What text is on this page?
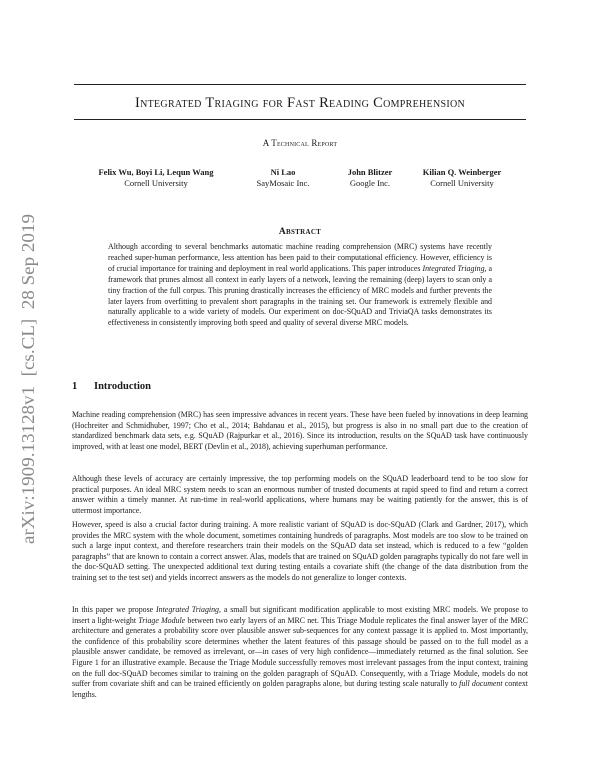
Integrated Triaging for Fast Reading Comprehension
A Technical Report
Felix Wu, Boyi Li, Lequn Wang
Cornell University
Ni Lao
SayMosaic Inc.
John Blitzer
Google Inc.
Kilian Q. Weinberger
Cornell University
arXiv:1909.13128v1  [cs.CL]  28 Sep 2019
Abstract

Although according to several benchmarks automatic machine reading comprehension (MRC) systems have recently reached super-human performance, less attention has been paid to their computational efficiency. However, efficiency is of crucial importance for training and deployment in real world applications. This paper introduces Integrated Triaging, a framework that prunes almost all context in early layers of a network, leaving the remaining (deep) layers to scan only a tiny fraction of the full corpus. This pruning drastically increases the efficiency of MRC models and further prevents the later layers from overfitting to prevalent short paragraphs in the training set. Our framework is extremely flexible and naturally applicable to a wide variety of models. Our experiment on doc-SQuAD and TriviaQA tasks demonstrates its effectiveness in consistently improving both speed and quality of several diverse MRC models.

1 Introduction

Machine reading comprehension (MRC) has seen impressive advances in recent years. These have been fueled by innovations in deep learning (Hochreiter and Schmidhuber, 1997; Cho et al., 2014; Bahdanau et al., 2015), but progress is also in no small part due to the creation of standardized benchmark data sets, e.g. SQuAD (Rajpurkar et al., 2016). Since its introduction, results on the SQuAD task have continuously improved, with at least one model, BERT (Devlin et al., 2018), achieving superhuman performance.

Although these levels of accuracy are certainly impressive, the top performing models on the SQuAD leaderboard tend to be too slow for practical purposes. An ideal MRC system needs to scan an enormous number of trusted documents at rapid speed to find and return a correct answer within a timely manner. At run-time in real-world applications, where humans may be waiting patiently for the answer, this is of uttermost importance.

However, speed is also a crucial factor during training. A more realistic variant of SQuAD is doc-SQuAD (Clark and Gardner, 2017), which provides the MRC system with the whole document, sometimes containing hundreds of paragraphs. Most models are too slow to be trained on such a large input context, and therefore researchers train their models on the SQuAD data set instead, which is reduced to a few “golden paragraphs” that are known to contain a correct answer. Alas, models that are trained on SQuAD golden paragraphs typically do not fare well in the doc-SQuAD setting. The unexpected additional text during testing entails a covariate shift (the change of the data distribution from the training set to the test set) and yields incorrect answers as the models do not generalize to longer contexts.

In this paper we propose Integrated Triaging, a small but significant modification applicable to most existing MRC models. We propose to insert a light-weight Triage Module between two early layers of an MRC net. This Triage Module replicates the final answer layer of the MRC architecture and generates a probability score over plausible answer sub-sequences for any context passage it is applied to. Most importantly, the confidence of this probability score determines whether the latent features of this passage should be passed on to the full model as a plausible answer candidate, be removed as irrelevant, or—in cases of very high confidence—immediately returned as the final solution. See Figure 1 for an illustrative example. Because the Triage Module successfully removes most irrelevant passages from the input context, training on the full doc-SQuAD becomes similar to training on the golden paragraph of SQuAD. Consequently, with a Triage Module, models do not suffer from covariate shift and can be trained efficiently on golden paragraphs alone, but during testing scale naturally to full document context lengths.
